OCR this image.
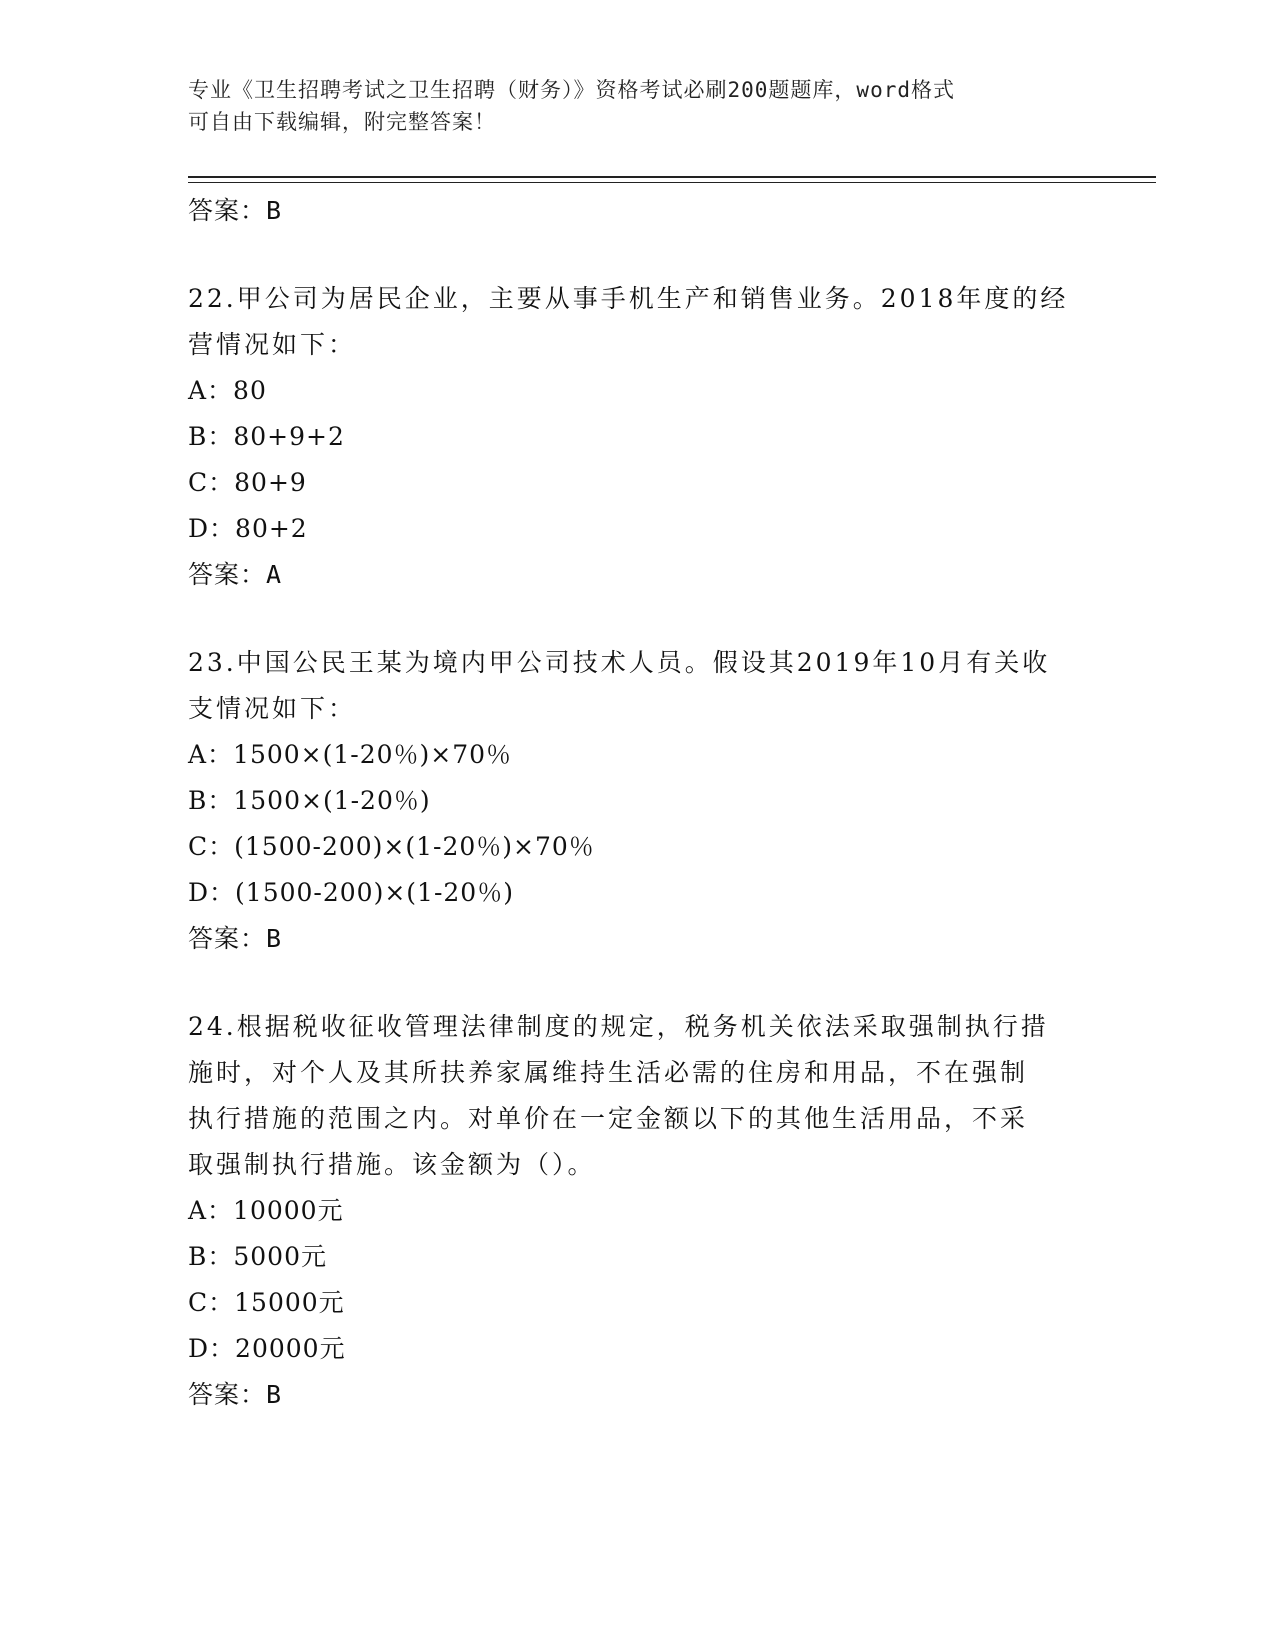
专业《卫生招聘考试之卫生招聘（财务）》资格考试必刷200题题库，word格式
可自由下载编辑，附完整答案！
答案：B
22.甲公司为居民企业，主要从事手机生产和销售业务。2018年度的经
营情况如下：
A：80
B：80+9+2
C：80+9
D：80+2
答案：A
23.中国公民王某为境内甲公司技术人员。假设其2019年10月有关收
支情况如下：
A：1500×(1-20％)×70％
B：1500×(1-20％)
C：(1500-200)×(1-20％)×70％
D：(1500-200)×(1-20％)
答案：B
24.根据税收征收管理法律制度的规定，税务机关依法采取强制执行措
施时，对个人及其所扶养家属维持生活必需的住房和用品，不在强制
执行措施的范围之内。对单价在一定金额以下的其他生活用品，不采
取强制执行措施。该金额为（）。
A：10000元
B：5000元
C：15000元
D：20000元
答案：B
